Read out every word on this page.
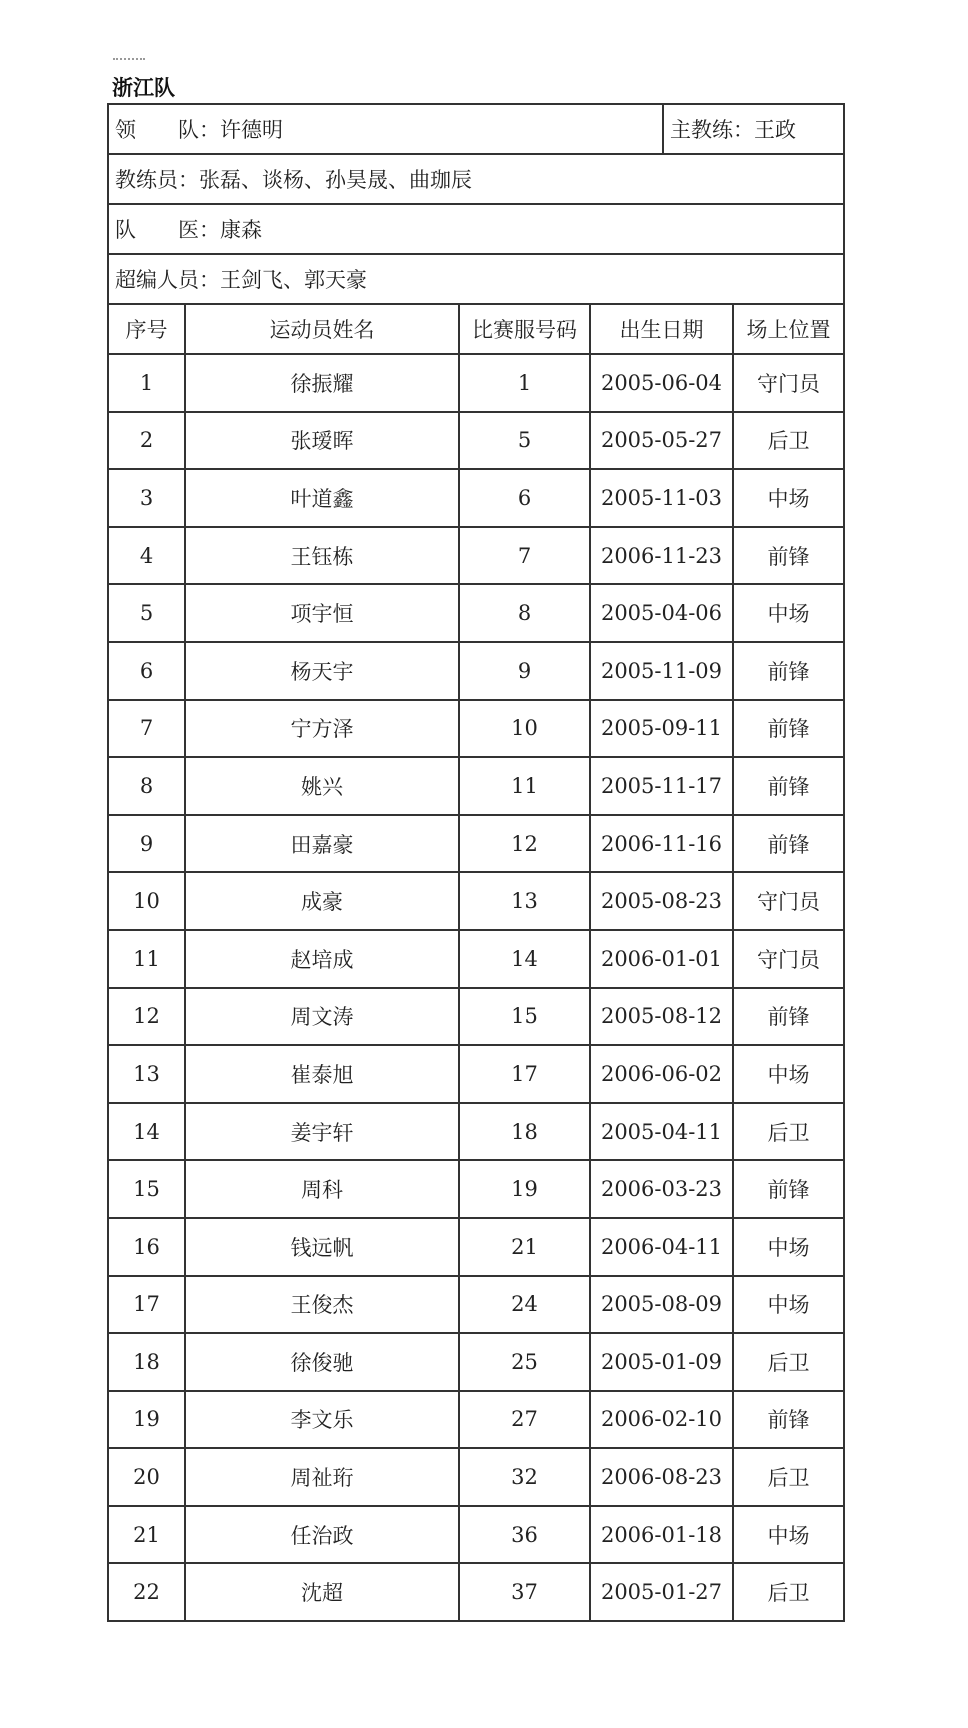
浙江队
领 队： 许德明	主教练： 王政
教练员： 张磊、谈杨、孙昊晟、曲珈辰
队 医： 康森
超编人员： 王剑飞、郭天豪
序号	运动员姓名	比赛服号码	出生日期	场上位置
1	徐振耀	1	2005-06-04	守门员
2	张瑷晖	5	2005-05-27	后卫
3	叶道鑫	6	2005-11-03	中场
4	王钰栋	7	2006-11-23	前锋
5	项宇恒	8	2005-04-06	中场
6	杨天宇	9	2005-11-09	前锋
7	宁方泽	10	2005-09-11	前锋
8	姚兴	11	2005-11-17	前锋
9	田嘉豪	12	2006-11-16	前锋
10	成豪	13	2005-08-23	守门员
11	赵培成	14	2006-01-01	守门员
12	周文涛	15	2005-08-12	前锋
13	崔泰旭	17	2006-06-02	中场
14	姜宇轩	18	2005-04-11	后卫
15	周科	19	2006-03-23	前锋
16	钱远帆	21	2006-04-11	中场
17	王俊杰	24	2005-08-09	中场
18	徐俊驰	25	2005-01-09	后卫
19	李文乐	27	2006-02-10	前锋
20	周祉珩	32	2006-08-23	后卫
21	任治政	36	2006-01-18	中场
22	沈超	37	2005-01-27	后卫
